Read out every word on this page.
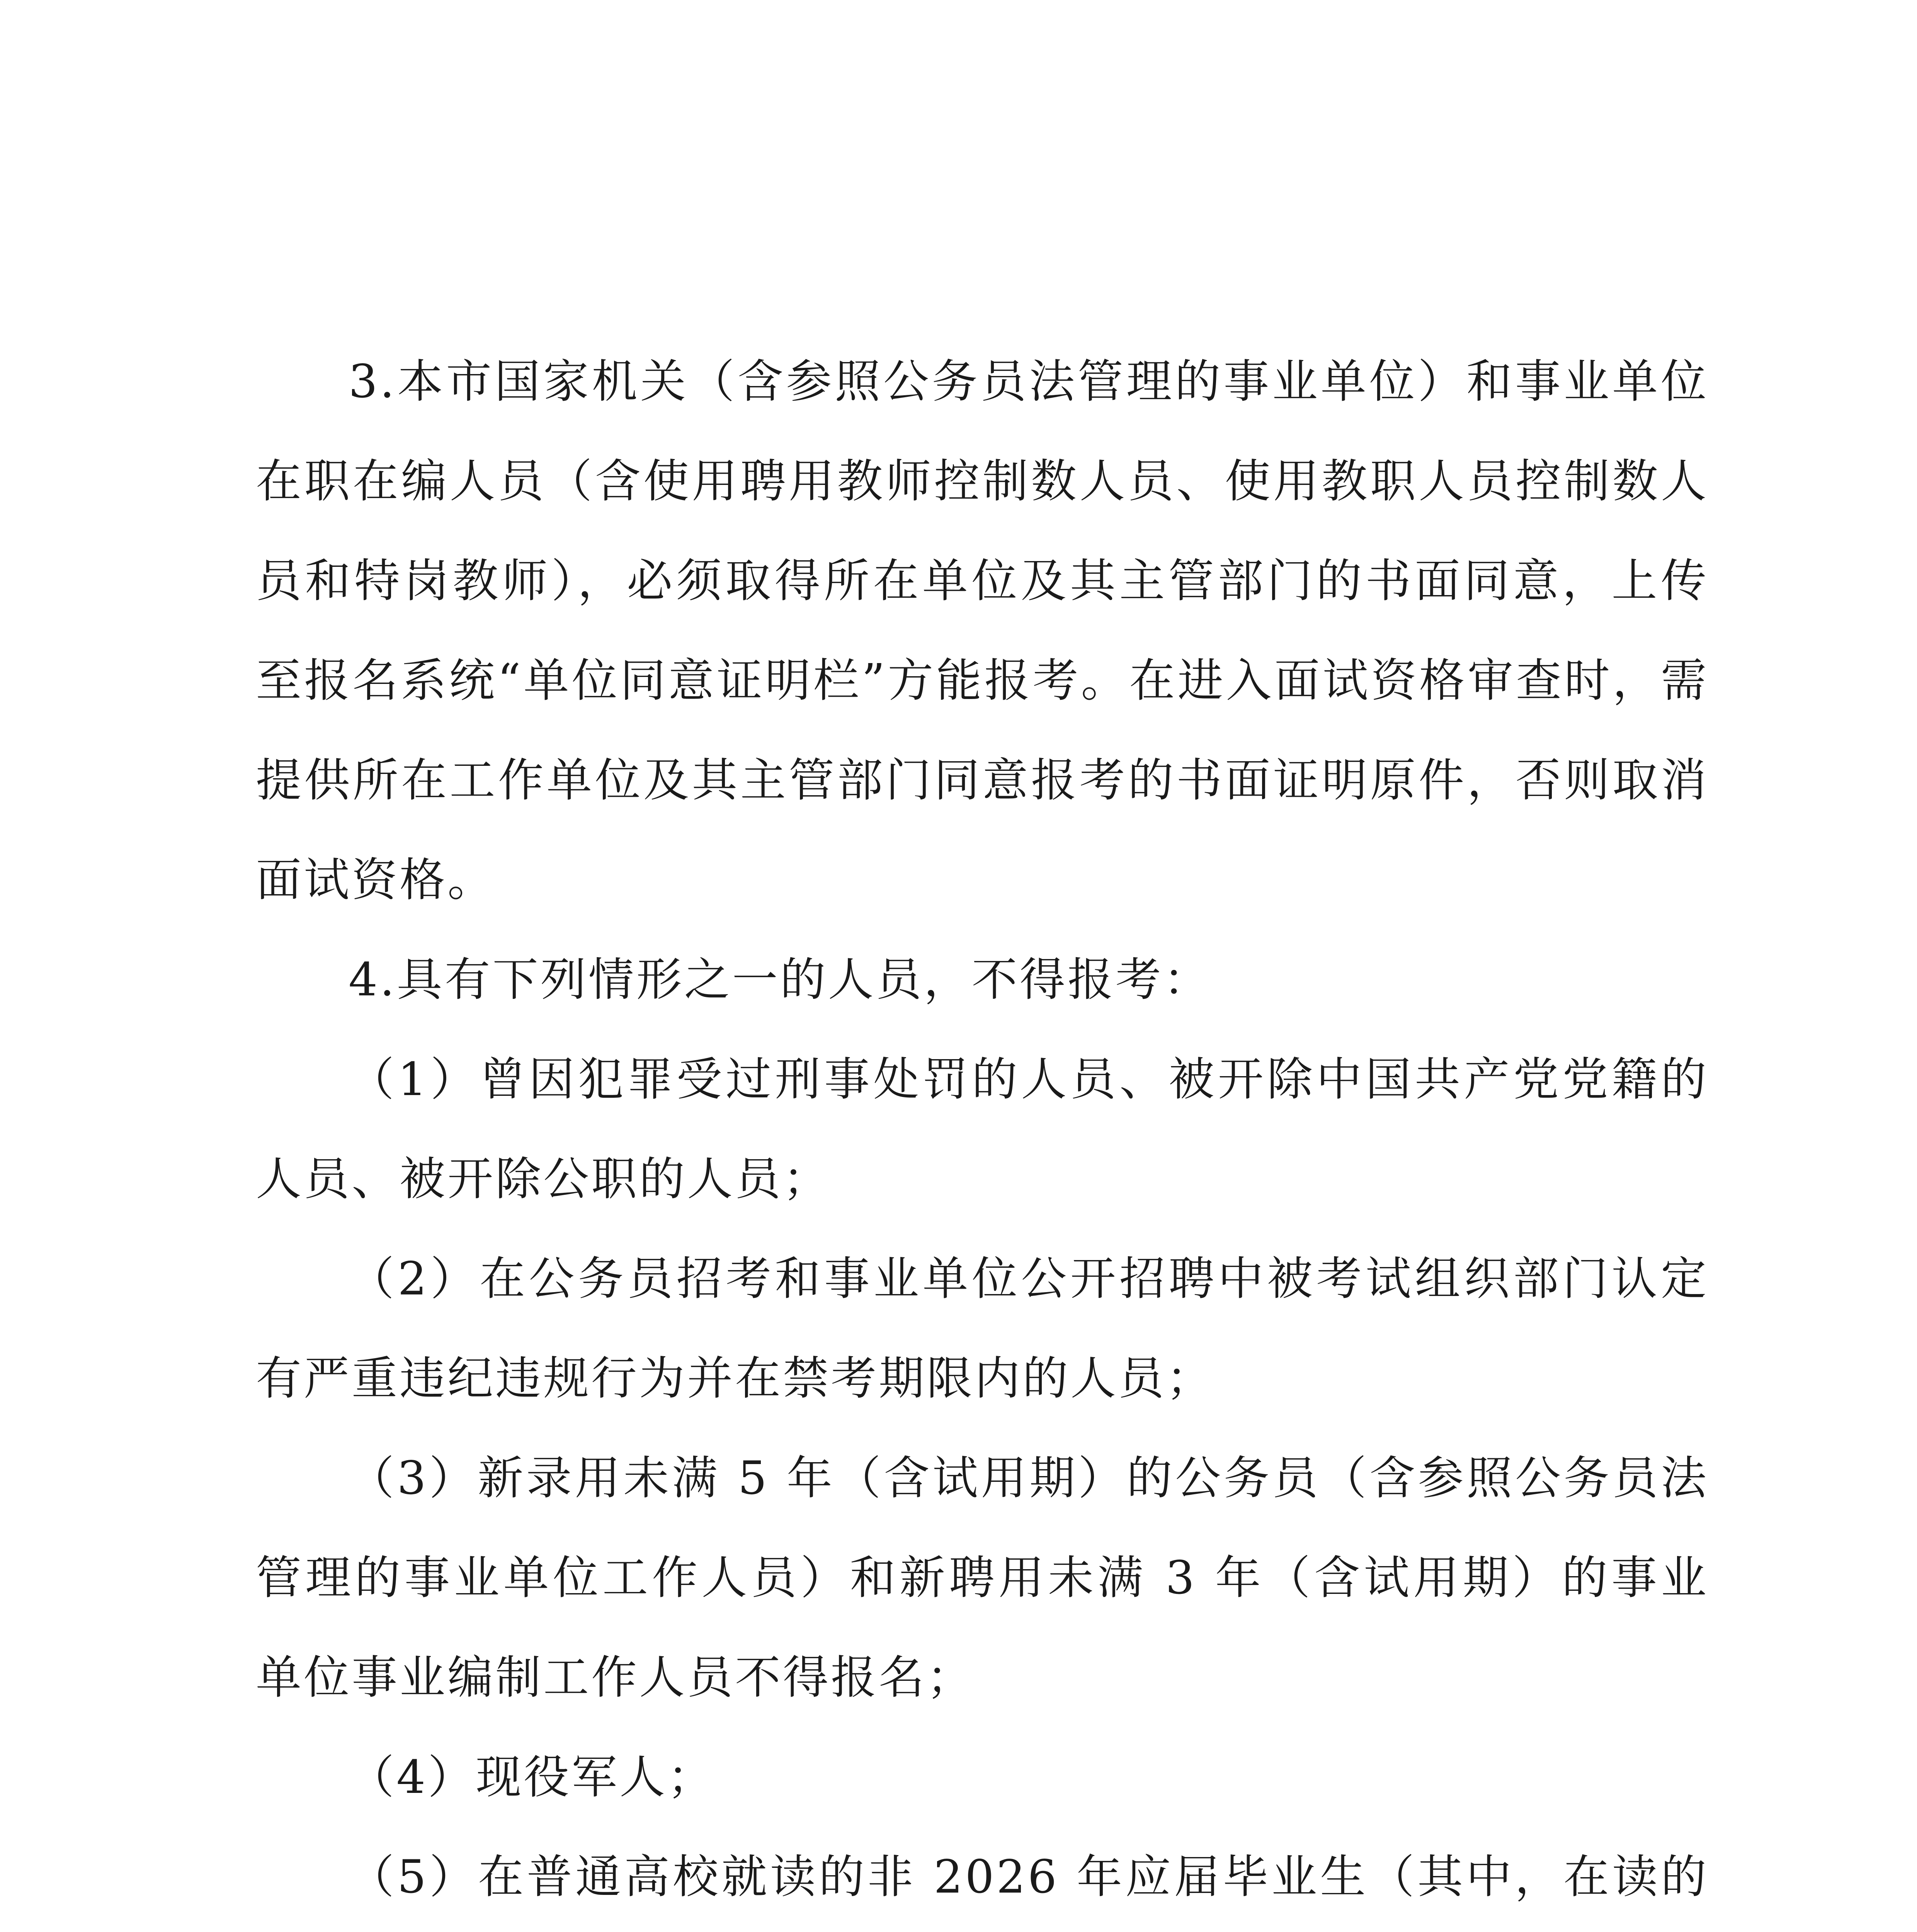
3.本市国家机关（含参照公务员法管理的事业单位）和事业单位在职在编人员（含使用聘用教师控制数人员、使用教职人员控制数人员和特岗教师），必须取得所在单位及其主管部门的书面同意，上传至报名系统“单位同意证明栏”方能报考。在进入面试资格审查时，需提供所在工作单位及其主管部门同意报考的书面证明原件，否则取消面试资格。

4.具有下列情形之一的人员，不得报考：

（1）曾因犯罪受过刑事处罚的人员、被开除中国共产党党籍的人员、被开除公职的人员；

（2）在公务员招考和事业单位公开招聘中被考试组织部门认定有严重违纪违规行为并在禁考期限内的人员；

（3）新录用未满 5 年（含试用期）的公务员（含参照公务员法管理的事业单位工作人员）和新聘用未满 3 年（含试用期）的事业单位事业编制工作人员不得报名；

（4）现役军人；

（5）在普通高校就读的非 2026 年应届毕业生（其中，在读的
